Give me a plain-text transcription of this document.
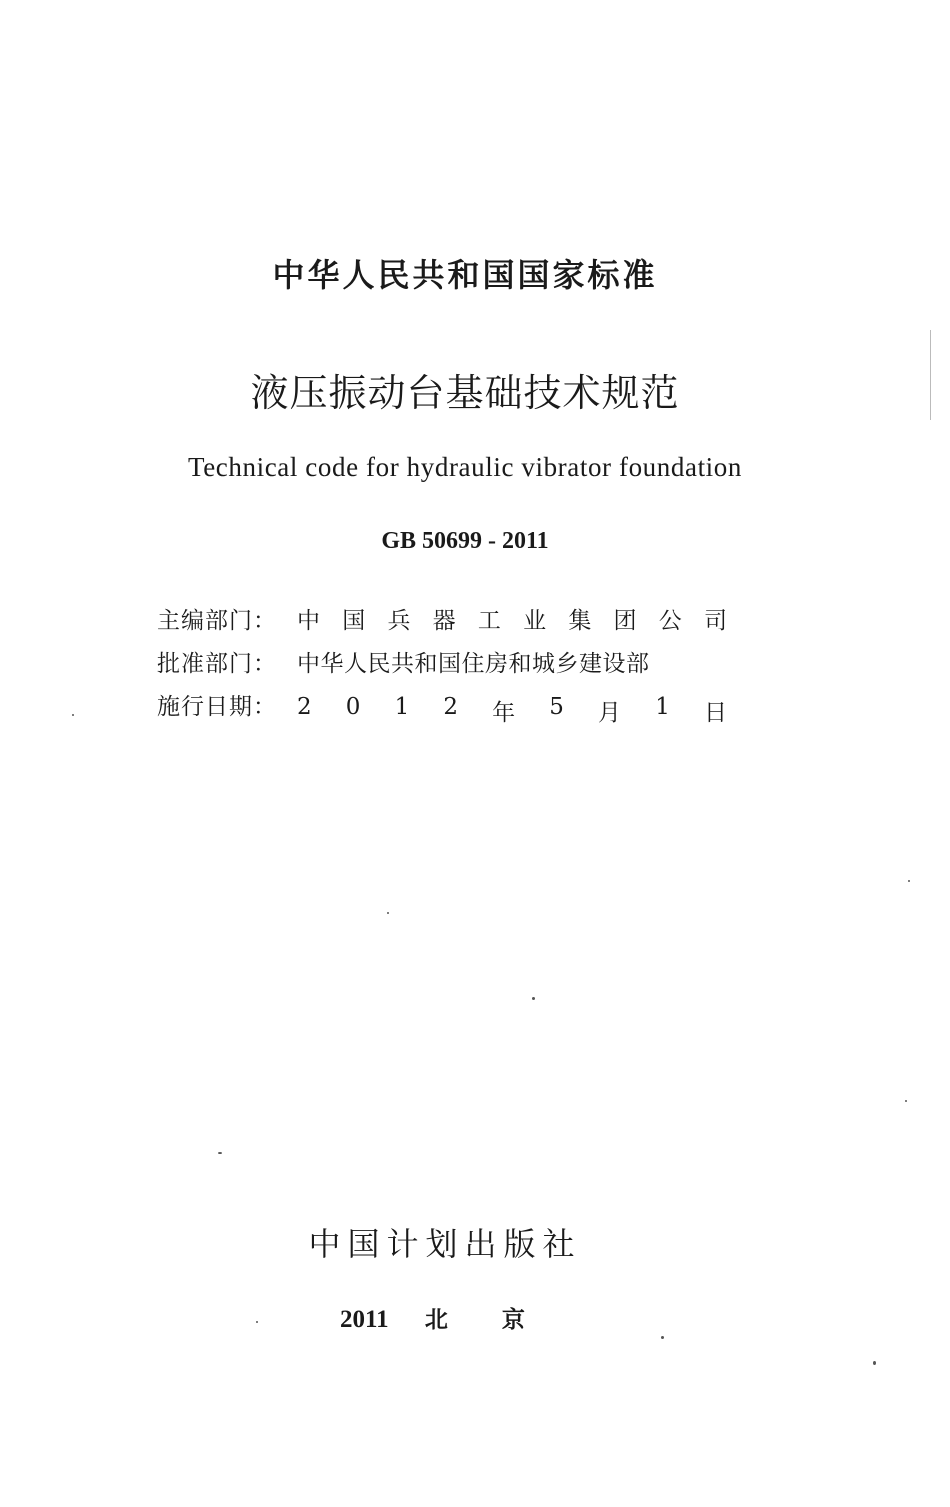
中华人民共和国国家标准
液压振动台基础技术规范
Technical code for hydraulic vibrator foundation
GB 50699 - 2011
主编部门： 中 国 兵 器 工 业 集 团 公 司
批准部门： 中华人民共和国住房和城乡建设部
施行日期： 2 0 1 2 年 5 月 1 日
中国计划出版社
2011 北京
